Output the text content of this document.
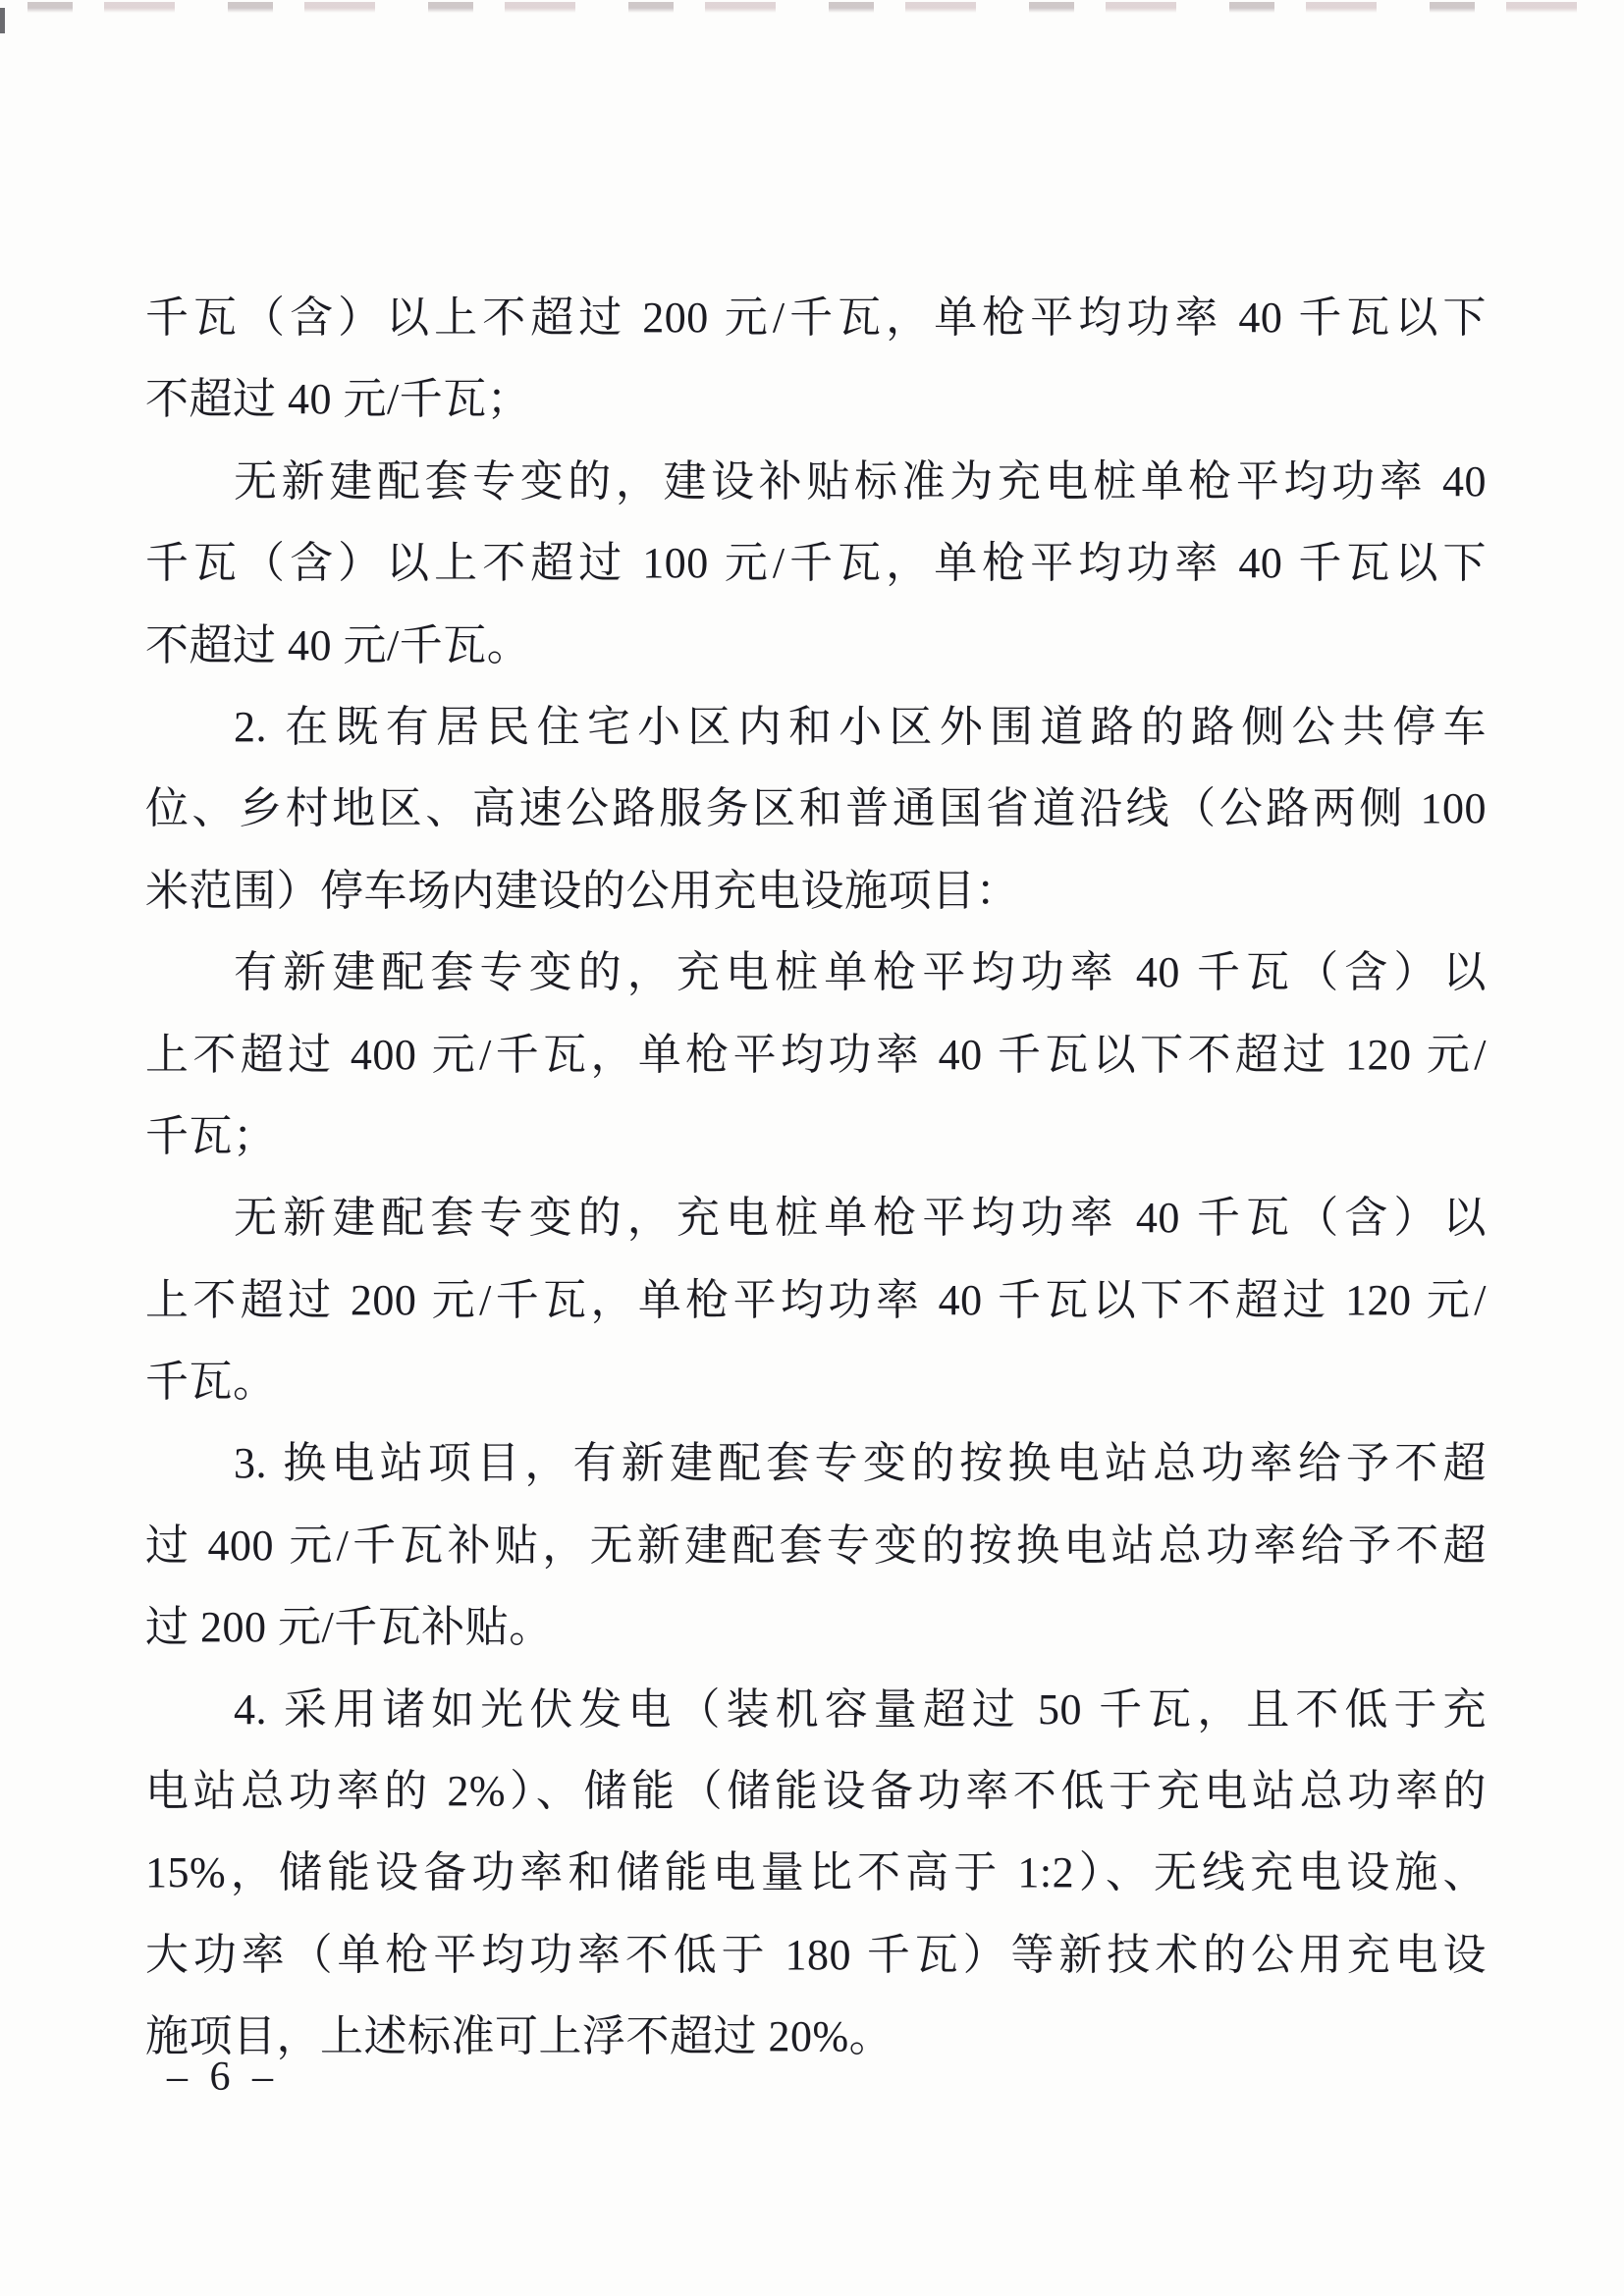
千瓦（含）以上不超过 200 元/千瓦，单枪平均功率 40 千瓦以下
不超过 40 元/千瓦；
无新建配套专变的，建设补贴标准为充电桩单枪平均功率 40
千瓦（含）以上不超过 100 元/千瓦，单枪平均功率 40 千瓦以下
不超过 40 元/千瓦。
2. 在既有居民住宅小区内和小区外围道路的路侧公共停车
位、乡村地区、高速公路服务区和普通国省道沿线（公路两侧 100
米范围）停车场内建设的公用充电设施项目：
有新建配套专变的，充电桩单枪平均功率 40 千瓦（含）以
上不超过 400 元/千瓦，单枪平均功率 40 千瓦以下不超过 120 元/
千瓦；
无新建配套专变的，充电桩单枪平均功率 40 千瓦（含）以
上不超过 200 元/千瓦，单枪平均功率 40 千瓦以下不超过 120 元/
千瓦。
3. 换电站项目，有新建配套专变的按换电站总功率给予不超
过 400 元/千瓦补贴，无新建配套专变的按换电站总功率给予不超
过 200 元/千瓦补贴。
4. 采用诸如光伏发电（装机容量超过 50 千瓦，且不低于充
电站总功率的 2%）、储能（储能设备功率不低于充电站总功率的
15%，储能设备功率和储能电量比不高于 1:2）、无线充电设施、
大功率（单枪平均功率不低于 180 千瓦）等新技术的公用充电设
施项目，上述标准可上浮不超过 20%。
– 6 –
